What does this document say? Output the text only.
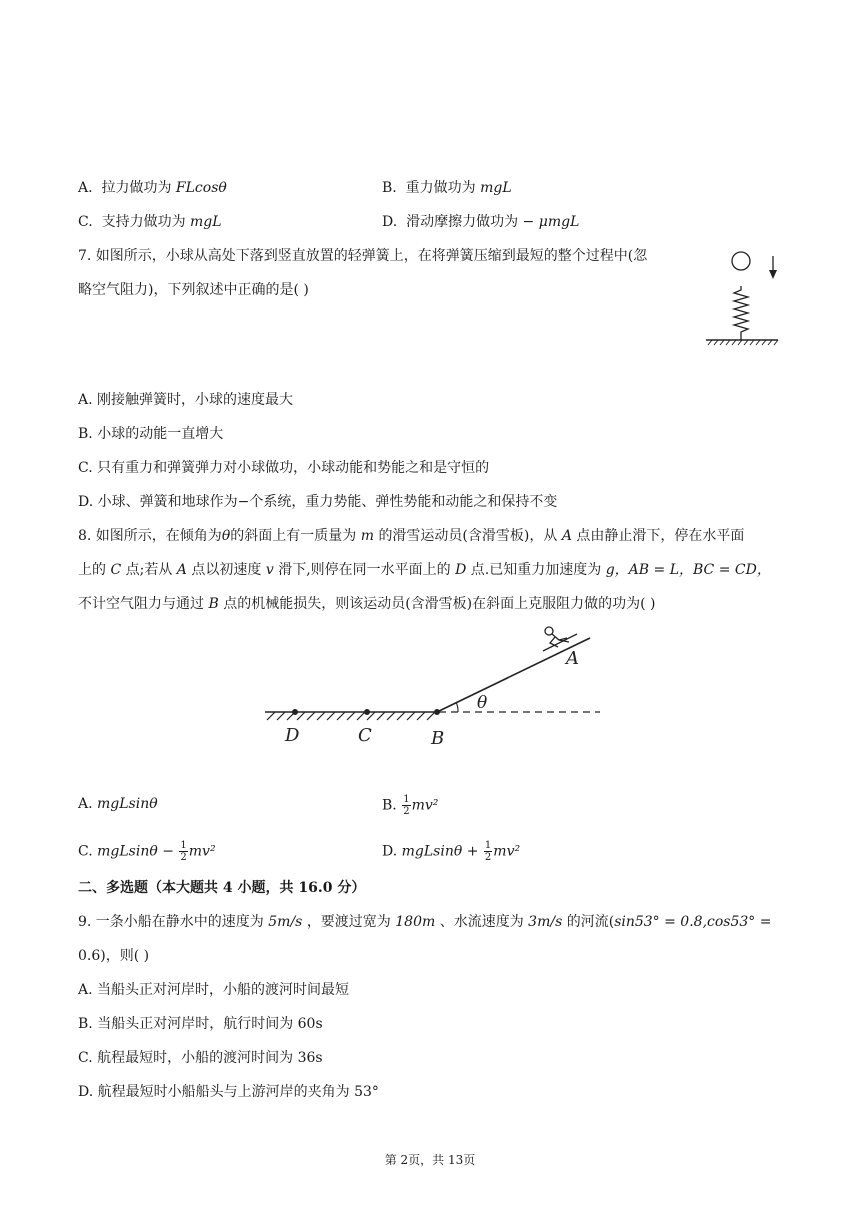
A. 拉力做功为 FLcosθ	B. 重力做功为 mgL
C. 支持力做功为 mgL	D. 滑动摩擦力做功为 − μmgL
7. 如图所示，小球从高处下落到竖直放置的轻弹簧上，在将弹簧压缩到最短的整个过程中(忽
略空气阻力)，下列叙述中正确的是( )
A. 刚接触弹簧时，小球的速度最大
B. 小球的动能一直增大
C. 只有重力和弹簧弹力对小球做功，小球动能和势能之和是守恒的
D. 小球、弹簧和地球作为−个系统，重力势能、弹性势能和动能之和保持不变
8. 如图所示，在倾角为θ的斜面上有一质量为 m 的滑雪运动员(含滑雪板)，从 A 点由静止滑下，停在水平面
上的 C 点;若从 A 点以初速度 v 滑下,则停在同一水平面上的 D 点.已知重力加速度为 g，AB = L，BC = CD，
不计空气阻力与通过 B 点的机械能损失，则该运动员(含滑雪板)在斜面上克服阻力做的功为( )
A
θ
D	C	B
A. mgLsinθ	B. $\frac{1}{2} mv^2$
C. $mgLsin\theta - \frac{1}{2} mv^2$	D. $mgLsin\theta + \frac{1}{2} mv^2$
二、多选题（本大题共 4 小题，共 16.0 分）
9. 一条小船在静水中的速度为 5m/s ，要渡过宽为 180m 、水流速度为 3m/s 的河流(sin53° = 0.8,cos53° =
0.6)，则( )
A. 当船头正对河岸时，小船的渡河时间最短
B. 当船头正对河岸时，航行时间为 60s
C. 航程最短时，小船的渡河时间为 36s
D. 航程最短时小船船头与上游河岸的夹角为 53°
第 2页，共 13页
